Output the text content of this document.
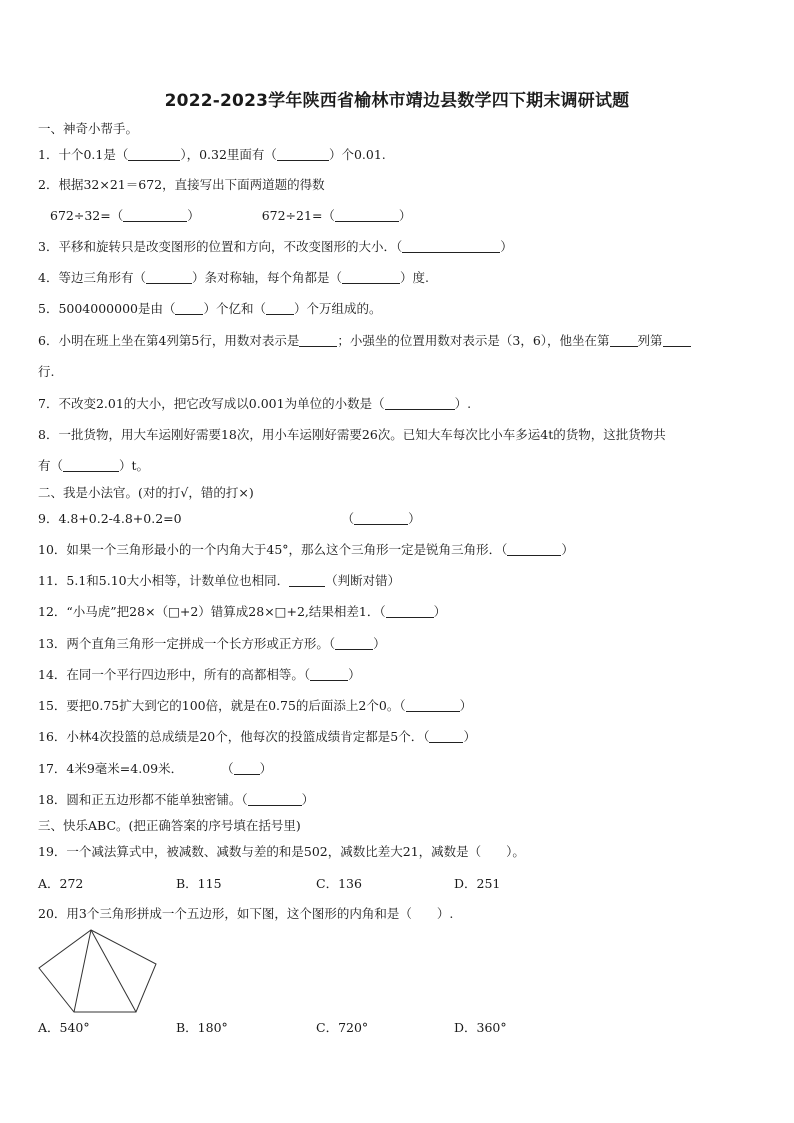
2022-2023学年陕西省榆林市靖边县数学四下期末调研试题
一、神奇小帮手。
1．十个0.1是（	），0.32里面有（	）个0.01.
2．根据32×21＝672，直接写出下面两道题的得数
672÷32=（	）	672÷21=（	）
3．平移和旋转只是改变图形的位置和方向，不改变图形的大小．（	）
4．等边三角形有（	）条对称轴，每个角都是（	）度.
5．5004000000是由（ ）个亿和（ ）个万组成的。
6．小明在班上坐在第4列第5行，用数对表示是	；小强坐的位置用数对表示是（3，6），他坐在第 列第
行.
7．不改变2.01的大小，把它改写成以0.001为单位的小数是（	）.
8．一批货物，用大车运刚好需要18次，用小车运刚好需要26次。已知大车每次比小车多运4t的货物，这批货物共
有（	）t。
二、我是小法官。(对的打√，错的打×)
9．4.8+0.2-4.8+0.2=0	（	）
10．如果一个三角形最小的一个内角大于45°，那么这个三角形一定是锐角三角形．（	）
11．5.1和5.10大小相等，计数单位也相同．	（判断对错）
12．“小马虎”把28×（□+2）错算成28×□+2,结果相差1．（	）
13．两个直角三角形一定拼成一个长方形或正方形。（	）
14．在同一个平行四边形中，所有的高都相等。（	）
15．要把0.75扩大到它的100倍，就是在0.75的后面添上2个0。（	）
16．小林4次投篮的总成绩是20个，他每次的投篮成绩肯定都是5个．（	）
17．4米9毫米=4.09米．	（ ）
18．圆和正五边形都不能单独密铺。（	）
三、快乐ABC。(把正确答案的序号填在括号里)
19．一个减法算式中，被减数、减数与差的和是502，减数比差大21，减数是（　　）。
A．272	B．115	C．136	D．251
20．用3个三角形拼成一个五边形，如下图，这个图形的内角和是（　　）.
A．540°	B．180°	C．720°	D．360°
